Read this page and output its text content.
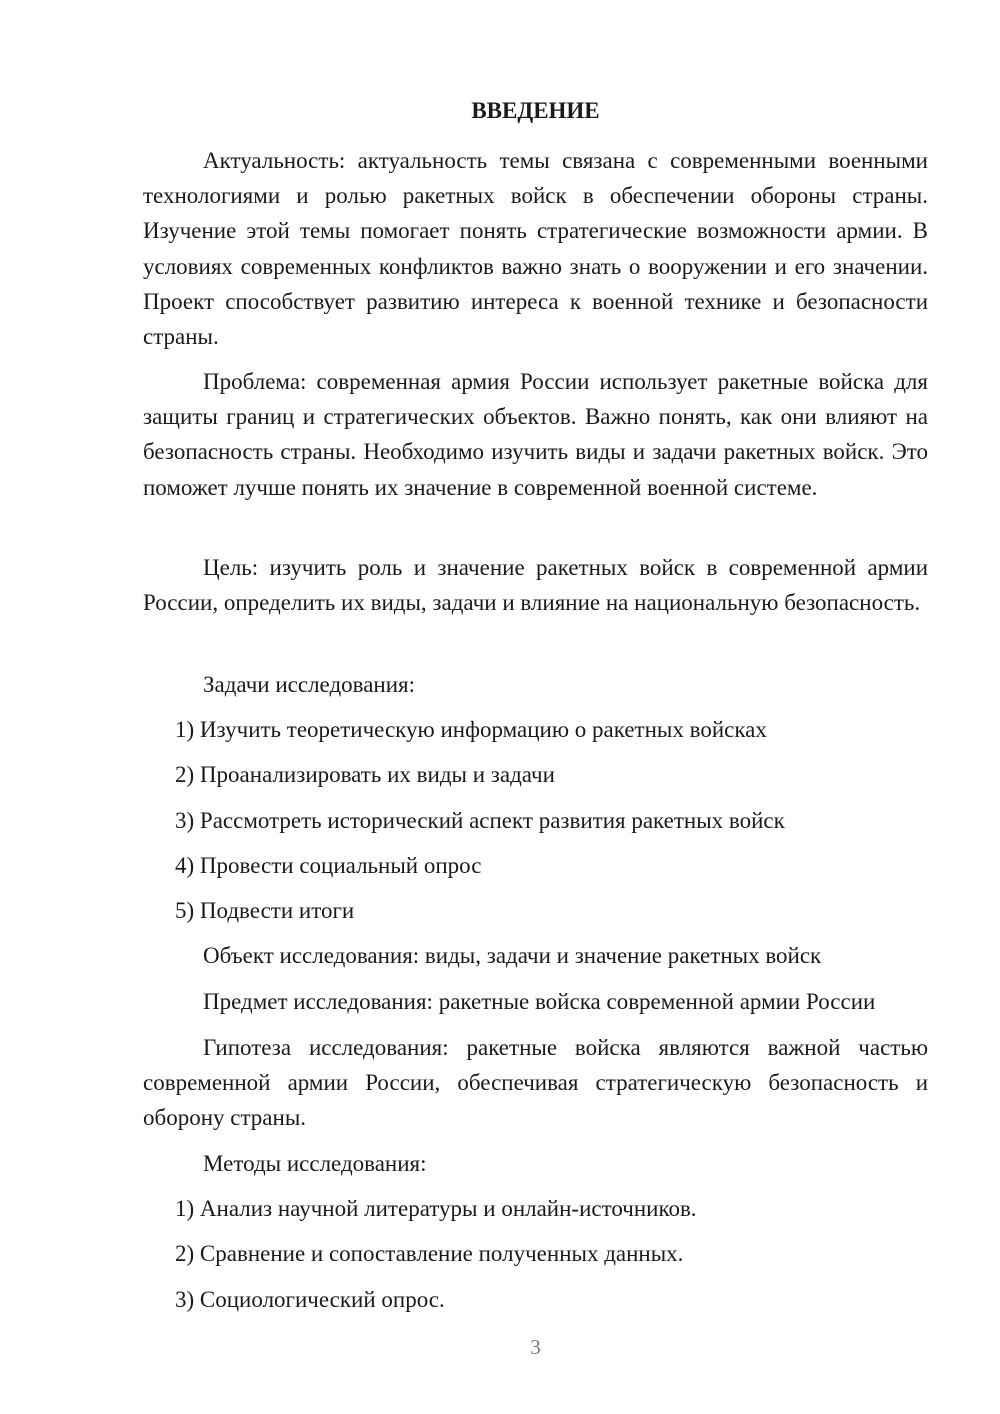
ВВЕДЕНИЕ

Актуальность: актуальность темы связана с современными военными технологиями и ролью ракетных войск в обеспечении обороны страны. Изучение этой темы помогает понять стратегические возможности армии. В условиях современных конфликтов важно знать о вооружении и его значении. Проект способствует развитию интереса к военной технике и безопасности страны.

Проблема: современная армия России использует ракетные войска для защиты границ и стратегических объектов. Важно понять, как они влияют на безопасность страны. Необходимо изучить виды и задачи ракетных войск. Это поможет лучше понять их значение в современной военной системе.

Цель: изучить роль и значение ракетных войск в современной армии России, определить их виды, задачи и влияние на национальную безопасность.

Задачи исследования:

1) Изучить теоретическую информацию о ракетных войсках

2) Проанализировать их виды и задачи

3) Рассмотреть исторический аспект развития ракетных войск

4) Провести социальный опрос

5) Подвести итоги

Объект исследования: виды, задачи и значение ракетных войск

Предмет исследования: ракетные войска современной армии России

Гипотеза исследования: ракетные войска являются важной частью современной армии России, обеспечивая стратегическую безопасность и оборону страны.

Методы исследования:

1) Анализ научной литературы и онлайн-источников.

2) Сравнение и сопоставление полученных данных.

3) Социологический опрос.

3
